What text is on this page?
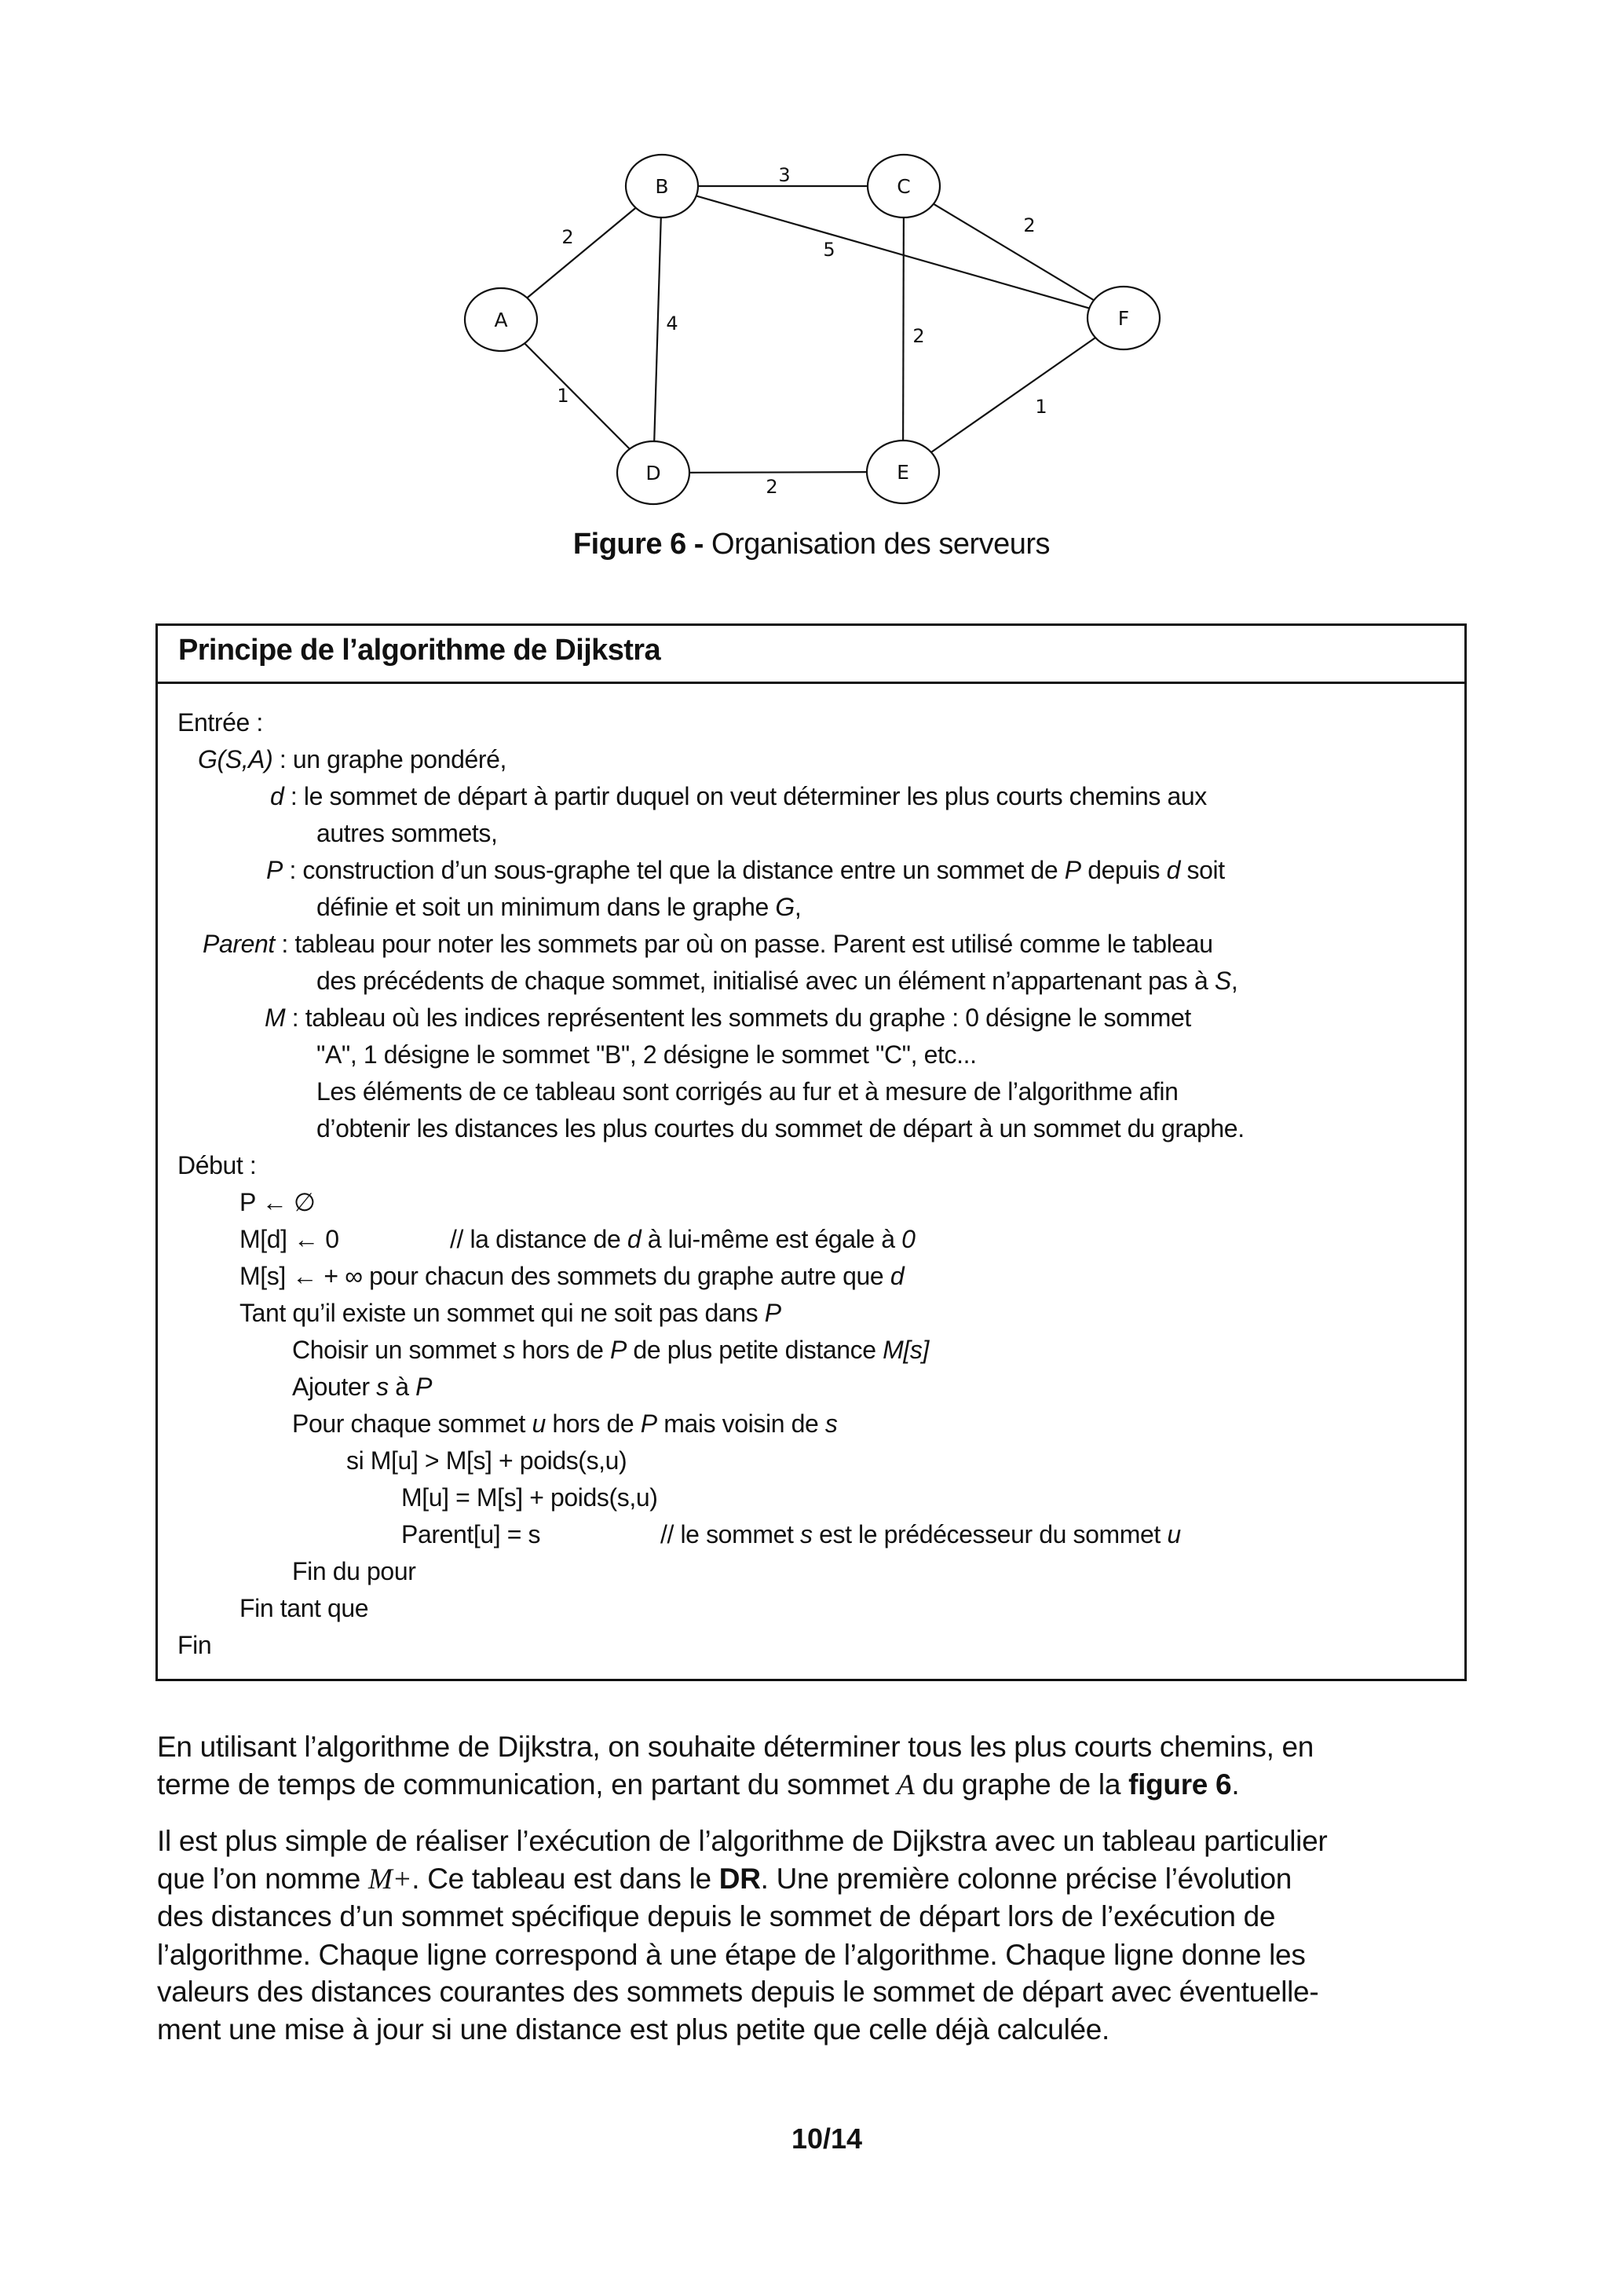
2
1
3
4
5
2
2
2
1
A
B	C
D	E
F
Figure 6 - Organisation des serveurs
Principe de l’algorithme de Dijkstra
Entrée :
G(S,A) : un graphe pondéré,
d : le sommet de départ à partir duquel on veut déterminer les plus courts chemins aux
autres sommets,
P : construction d’un sous-graphe tel que la distance entre un sommet de P depuis d soit
définie et soit un minimum dans le graphe G,
Parent : tableau pour noter les sommets par où on passe. Parent est utilisé comme le tableau
des précédents de chaque sommet, initialisé avec un élément n’appartenant pas à S,
M : tableau où les indices représentent les sommets du graphe : 0 désigne le sommet
"A", 1 désigne le sommet "B", 2 désigne le sommet "C", etc...
Les éléments de ce tableau sont corrigés au fur et à mesure de l’algorithme afin
d’obtenir les distances les plus courtes du sommet de départ à un sommet du graphe.
Début :
P ← ∅
M[d] ← 0	// la distance de d à lui-même est égale à 0
M[s] ← + ∞ pour chacun des sommets du graphe autre que d
Tant qu’il existe un sommet qui ne soit pas dans P
Choisir un sommet s hors de P de plus petite distance M[s]
Ajouter s à P
Pour chaque sommet u hors de P mais voisin de s
si M[u] > M[s] + poids(s,u)
M[u] = M[s] + poids(s,u)
Parent[u] = s	// le sommet s est le prédécesseur du sommet u
Fin du pour
Fin tant que
Fin
En utilisant l’algorithme de Dijkstra, on souhaite déterminer tous les plus courts chemins, en
terme de temps de communication, en partant du sommet A du graphe de la figure 6.
Il est plus simple de réaliser l’exécution de l’algorithme de Dijkstra avec un tableau particulier
que l’on nomme M+. Ce tableau est dans le DR. Une première colonne précise l’évolution
des distances d’un sommet spécifique depuis le sommet de départ lors de l’exécution de
l’algorithme. Chaque ligne correspond à une étape de l’algorithme. Chaque ligne donne les
valeurs des distances courantes des sommets depuis le sommet de départ avec éventuelle-
ment une mise à jour si une distance est plus petite que celle déjà calculée.
10/14
